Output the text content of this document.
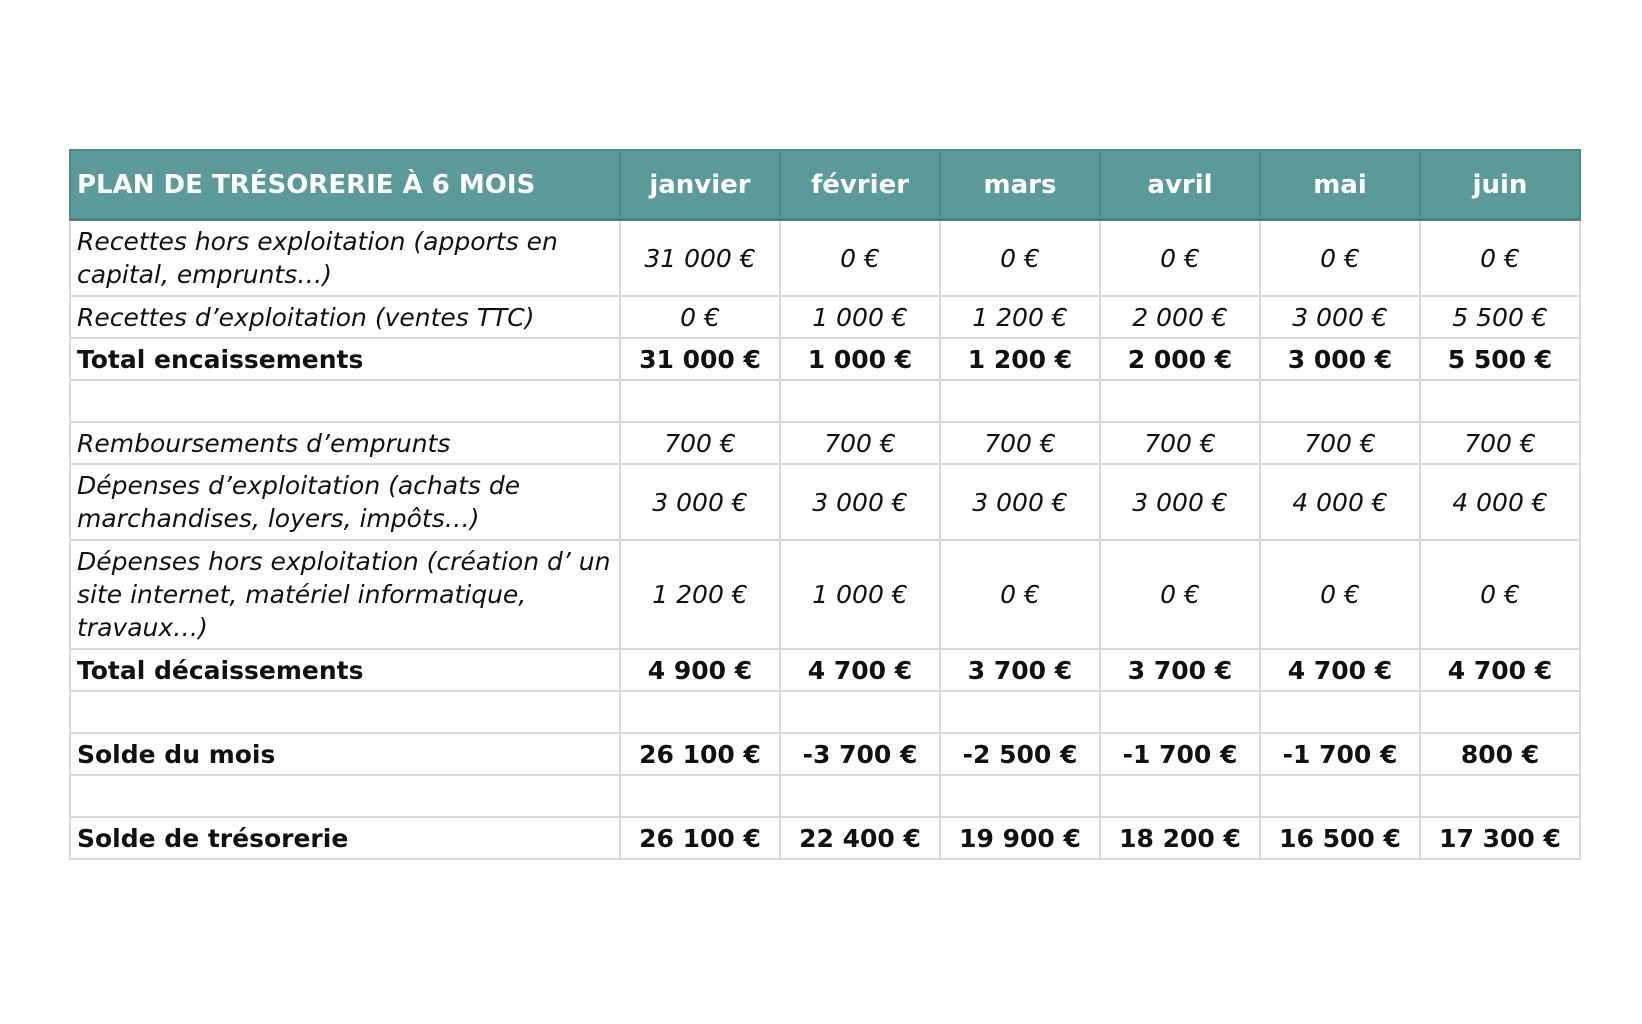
PLAN DE TRÉSORERIE À 6 MOIS	janvier	février	mars	avril	mai	juin
Recettes hors exploitation (apports en capital, emprunts…)	31 000 €	0 €	0 €	0 €	0 €	0 €
Recettes d’exploitation (ventes TTC)	0 €	1 000 €	1 200 €	2 000 €	3 000 €	5 500 €
Total encaissements	31 000 €	1 000 €	1 200 €	2 000 €	3 000 €	5 500 €

Remboursements d’emprunts	700 €	700 €	700 €	700 €	700 €	700 €
Dépenses d’exploitation (achats de marchandises, loyers, impôts…)	3 000 €	3 000 €	3 000 €	3 000 €	4 000 €	4 000 €
Dépenses hors exploitation (création d’ un site internet, matériel informatique, travaux…)	1 200 €	1 000 €	0 €	0 €	0 €	0 €
Total décaissements	4 900 €	4 700 €	3 700 €	3 700 €	4 700 €	4 700 €

Solde du mois	26 100 €	-3 700 €	-2 500 €	-1 700 €	-1 700 €	800 €

Solde de trésorerie	26 100 €	22 400 €	19 900 €	18 200 €	16 500 €	17 300 €
